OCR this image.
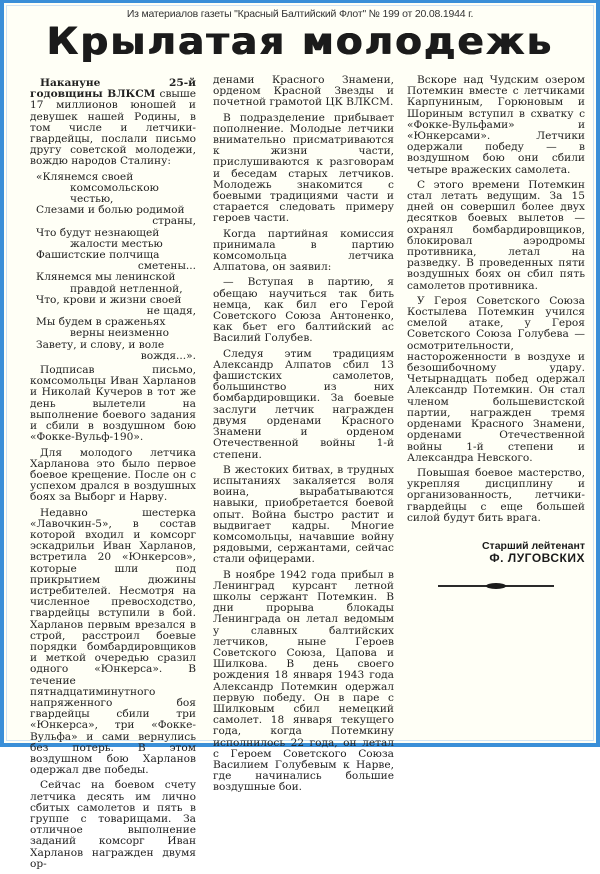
Из материалов газеты "Красный Балтийский Флот" № 199 от 20.08.1944 г.
Крылатая молодежь

Накануне 25-й годовщины ВЛКСМ свыше 17 миллионов юношей и девушек нашей Родины, в том числе и летчики-гвардейцы, послали письмо другу советской молодежи, вождю народов Сталину:

«Клянемся своей
комсомольскою честью,
Слезами и болью родимой
страны,
Что будут незнающей
жалости местью
Фашистские полчища
сметены...
Клянемся мы ленинской
правдой нетленной,
Что, крови и жизни своей
не щадя,
Мы будем в сраженьях
верны неизменно
Завету, и слову, и воле
вождя...».

Подписав письмо, комсомольцы Иван Харланов и Николай Кучеров в тот же день вылетели на выполнение боевого задания и сбили в воздушном бою «Фокке-Вульф-190».

Для молодого летчика Харланова это было первое боевое крещение. После он с успехом дрался в воздушных боях за Выборг и Нарву.

Недавно шестерка «Лавочкин-5», в состав которой входил и комсорг эскадрильи Иван Харланов, встретила 20 «Юнкерсов», которые шли под прикрытием дюжины истребителей. Несмотря на численное превосходство, гвардейцы вступили в бой. Харланов первым врезался в строй, расстроил боевые порядки бомбардировщиков и меткой очередью сразил одного «Юнкерса». В течение пятнадцатиминутного напряженного боя гвардейцы сбили три «Юнкерса», три «Фокке-Вульфа» и сами вернулись без потерь. В этом воздушном бою Харланов одержал две победы.

Сейчас на боевом счету летчика десять им лично сбитых самолетов и пять в группе с товарищами. За отличное выполнение заданий комсорг Иван Харланов награжден двумя ор-

денами Красного Знамени, орденом Красной Звезды и почетной грамотой ЦК ВЛКСМ.

В подразделение прибывает пополнение. Молодые летчики внимательно присматриваются к жизни части, прислушиваются к разговорам и беседам старых летчиков. Молодежь знакомится с боевыми традициями части и старается следовать примеру героев части.

Когда партийная комиссия принимала в партию комсомольца летчика Алпатова, он заявил:

— Вступая в партию, я обещаю научиться так бить немца, как бил его Герой Советского Союза Антоненко, как бьет его балтийский ас Василий Голубев.

Следуя этим традициям Александр Алпатов сбил 13 фашистских самолетов, большинство из них бомбардировщики. За боевые заслуги летчик награжден двумя орденами Красного Знамени и орденом Отечественной войны 1-й степени.

В жестоких битвах, в трудных испытаниях закаляется воля воина, вырабатываются навыки, приобретается боевой опыт. Война быстро растит и выдвигает кадры. Многие комсомольцы, начавшие войну рядовыми, сержантами, сейчас стали офицерами.

В ноябре 1942 года прибыл в Ленинград курсант летной школы сержант Потемкин. В дни прорыва блокады Ленинграда он летал ведомым у славных балтийских летчиков, ныне Героев Советского Союза, Цапова и Шилкова. В день своего рождения 18 января 1943 года Александр Потемкин одержал первую победу. Он в паре с Шилковым сбил немецкий самолет. 18 января текущего года, когда Потемкину исполнилось 22 года, он летал с Героем Советского Союза Василием Голубевым к Нарве, где начинались большие воздушные бои.

Вскоре над Чудским озером Потемкин вместе с летчиками Карпуниным, Горюновым и Шориным вступил в схватку с «Фокке-Вульфами» и «Юнкерсами». Летчики одержали победу — в воздушном бою они сбили четыре вражеских самолета.

С этого времени Потемкин стал летать ведущим. За 15 дней он совершил более двух десятков боевых вылетов — охранял бомбардировщиков, блокировал аэродромы противника, летал на разведку. В проведенных пяти воздушных боях он сбил пять самолетов противника.

У Героя Советского Союза Костылева Потемкин учился смелой атаке, у Героя Советского Союза Голубева — осмотрительности, настороженности в воздухе и безошибочному удару. Четырнадцать побед одержал Александр Потемкин. Он стал членом большевистской партии, награжден тремя орденами Красного Знамени, орденами Отечественной войны 1-й степени и Александра Невского.

Повышая боевое мастерство, укрепляя дисциплину и организованность, летчики-гвардейцы с еще большей силой будут бить врага.

Старший лейтенант
Ф. ЛУГОВСКИХ
